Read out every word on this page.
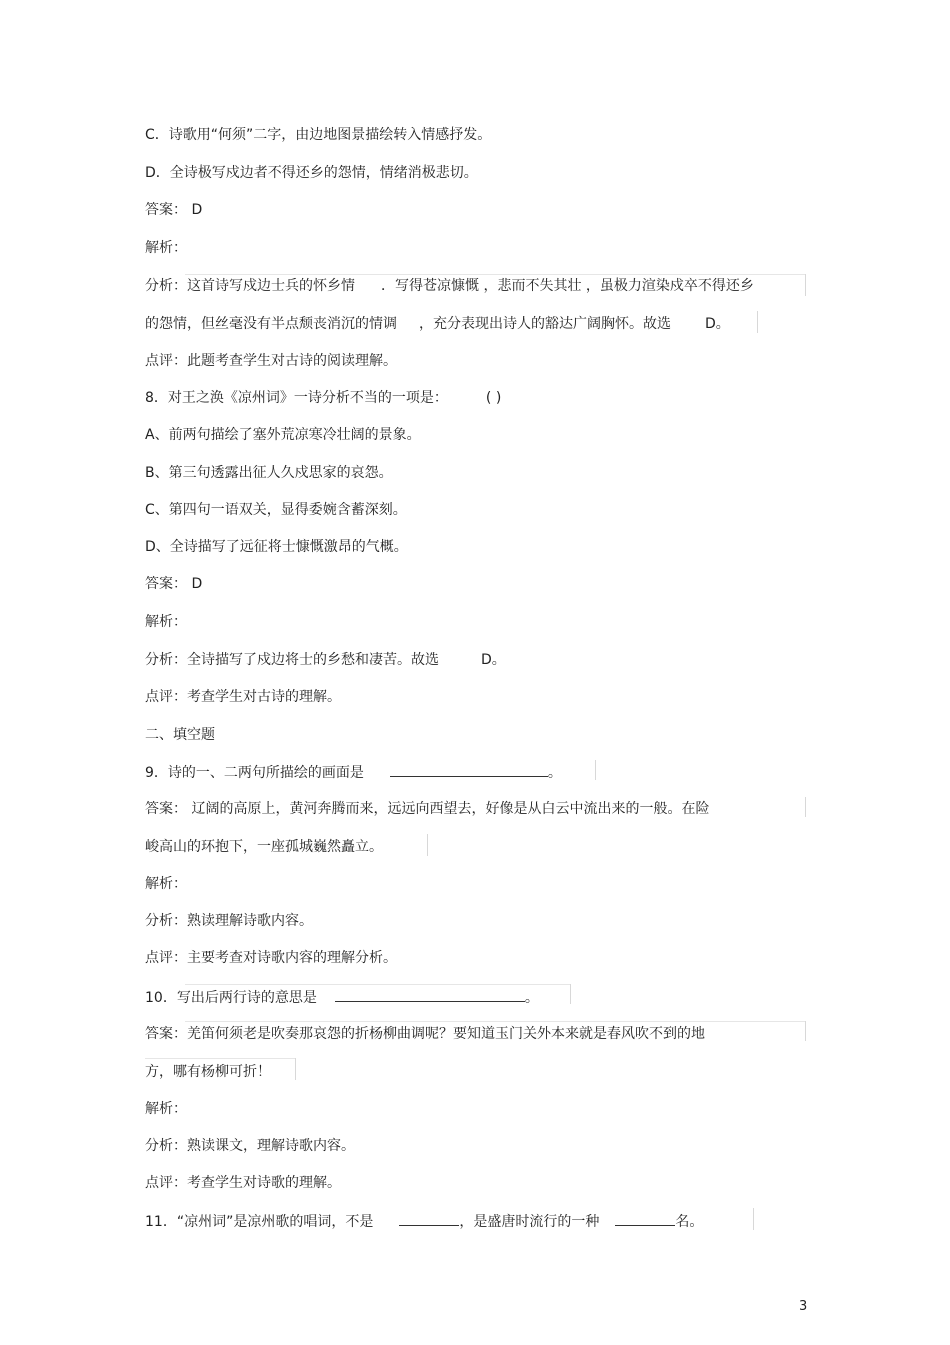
C．诗歌用“何须”二字，由边地图景描绘转入情感抒发。
D．全诗极写戍边者不得还乡的怨情，情绪消极悲切。
答案： D
解析：
分析：这首诗写戍边士兵的怀乡情 ．写得苍凉慷慨 ，悲而不失其壮 ，虽极力渲染戍卒不得还乡
的怨情，但丝毫没有半点颓丧消沉的情调 ，充分表现出诗人的豁达广阔胸怀。故选 D。
点评：此题考查学生对古诗的阅读理解。
8．对王之涣《凉州词》一诗分析不当的一项是：	( )
A、前两句描绘了塞外荒凉寒冷壮阔的景象。
B、第三句透露出征人久戍思家的哀怨。
C、第四句一语双关，显得委婉含蓄深刻。
D、全诗描写了远征将士慷慨激昂的气概。
答案： D
解析：
分析：全诗描写了戍边将士的乡愁和凄苦。故选	D。
点评：考查学生对古诗的理解。
二、填空题
9．诗的一、二两句所描绘的画面是	。
答案： 辽阔的高原上，黄河奔腾而来，远远向西望去，好像是从白云中流出来的一般。在险
峻高山的环抱下，一座孤城巍然矗立。
解析：
分析：熟读理解诗歌内容。
点评：主要考查对诗歌内容的理解分析。
10．写出后两行诗的意思是	。
答案：羌笛何须老是吹奏那哀怨的折杨柳曲调呢？要知道玉门关外本来就是春风吹不到的地
方，哪有杨柳可折！
解析：
分析：熟读课文，理解诗歌内容。
点评：考查学生对诗歌的理解。
11．“凉州词”是凉州歌的唱词，不是	，是盛唐时流行的一种	名。
3
